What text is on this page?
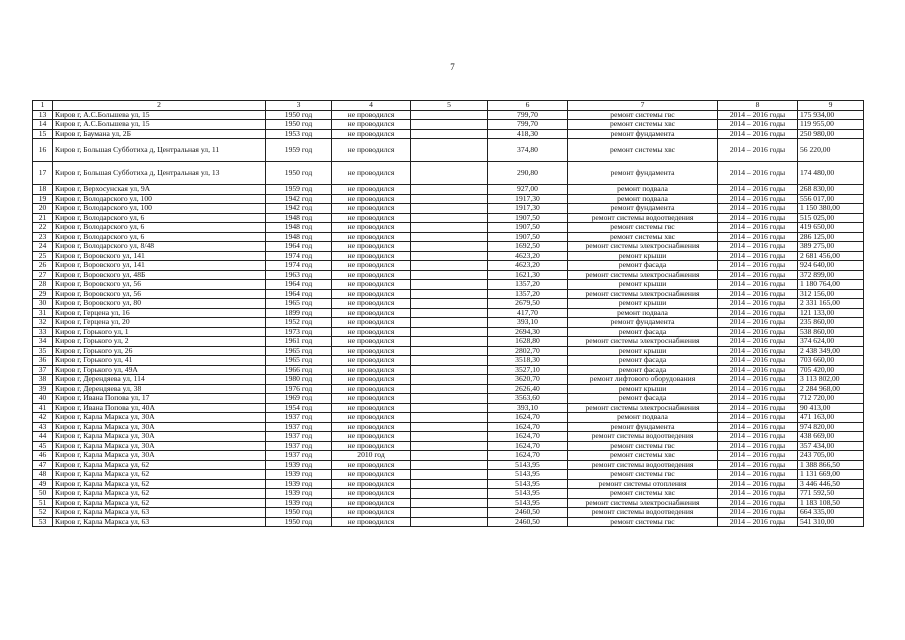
7
1	2	3	4	5	6	7	8	9
13	Киров г, А.С.Большева ул, 15	1950 год	не проводился		799,70	ремонт системы гвс	2014 – 2016 годы	175 934,00
14	Киров г, А.С.Большева ул, 15	1950 год	не проводился		799,70	ремонт системы хвс	2014 – 2016 годы	119 955,00
15	Киров г, Баумана ул, 2Б	1953 год	не проводился		418,30	ремонт фундамента	2014 – 2016 годы	250 980,00
16	Киров г, Большая Субботиха д, Центральная ул, 11	1959 год	не проводился		374,80	ремонт системы хвс	2014 – 2016 годы	56 220,00
17	Киров г, Большая Субботиха д, Центральная ул, 13	1950 год	не проводился		290,80	ремонт фундамента	2014 – 2016 годы	174 480,00
18	Киров г, Верхосунская ул, 9А	1959 год	не проводился		927,00	ремонт подвала	2014 – 2016 годы	268 830,00
19	Киров г, Володарского ул, 100	1942 год	не проводился		1917,30	ремонт подвала	2014 – 2016 годы	556 017,00
20	Киров г, Володарского ул, 100	1942 год	не проводился		1917,30	ремонт фундамента	2014 – 2016 годы	1 150 380,00
21	Киров г, Володарского ул, 6	1948 год	не проводился		1907,50	ремонт системы водоотведения	2014 – 2016 годы	515 025,00
22	Киров г, Володарского ул, 6	1948 год	не проводился		1907,50	ремонт системы гвс	2014 – 2016 годы	419 650,00
23	Киров г, Володарского ул, 6	1948 год	не проводился		1907,50	ремонт системы хвс	2014 – 2016 годы	286 125,00
24	Киров г, Володарского ул, 8/48	1964 год	не проводился		1692,50	ремонт системы электроснабжения	2014 – 2016 годы	389 275,00
25	Киров г, Воровского ул, 141	1974 год	не проводился		4623,20	ремонт крыши	2014 – 2016 годы	2 681 456,00
26	Киров г, Воровского ул, 141	1974 год	не проводился		4623,20	ремонт фасада	2014 – 2016 годы	924 640,00
27	Киров г, Воровского ул, 48Б	1963 год	не проводился		1621,30	ремонт системы электроснабжения	2014 – 2016 годы	372 899,00
28	Киров г, Воровского ул, 56	1964 год	не проводился		1357,20	ремонт крыши	2014 – 2016 годы	1 180 764,00
29	Киров г, Воровского ул, 56	1964 год	не проводился		1357,20	ремонт системы электроснабжения	2014 – 2016 годы	312 156,00
30	Киров г, Воровского ул, 80	1965 год	не проводился		2679,50	ремонт крыши	2014 – 2016 годы	2 331 165,00
31	Киров г, Герцена ул, 16	1899 год	не проводился		417,70	ремонт подвала	2014 – 2016 годы	121 133,00
32	Киров г, Герцена ул, 20	1952 год	не проводился		393,10	ремонт фундамента	2014 – 2016 годы	235 860,00
33	Киров г, Горького ул, 1	1973 год	не проводился		2694,30	ремонт фасада	2014 – 2016 годы	538 860,00
34	Киров г, Горького ул, 2	1961 год	не проводился		1628,80	ремонт системы электроснабжения	2014 – 2016 годы	374 624,00
35	Киров г, Горького ул, 26	1965 год	не проводился		2802,70	ремонт крыши	2014 – 2016 годы	2 438 349,00
36	Киров г, Горького ул, 41	1965 год	не проводился		3518,30	ремонт фасада	2014 – 2016 годы	703 660,00
37	Киров г, Горького ул, 49А	1966 год	не проводился		3527,10	ремонт фасада	2014 – 2016 годы	705 420,00
38	Киров г, Дерендяева ул, 114	1980 год	не проводился		3620,70	ремонт лифтового оборудования	2014 – 2016 годы	3 113 802,00
39	Киров г, Дерендяева ул, 38	1976 год	не проводился		2626,40	ремонт крыши	2014 – 2016 годы	2 284 968,00
40	Киров г, Ивана Попова ул, 17	1969 год	не проводился		3563,60	ремонт фасада	2014 – 2016 годы	712 720,00
41	Киров г, Ивана Попова ул, 40А	1954 год	не проводился		393,10	ремонт системы электроснабжения	2014 – 2016 годы	90 413,00
42	Киров г, Карла Маркса ул, 30А	1937 год	не проводился		1624,70	ремонт подвала	2014 – 2016 годы	471 163,00
43	Киров г, Карла Маркса ул, 30А	1937 год	не проводился		1624,70	ремонт фундамента	2014 – 2016 годы	974 820,00
44	Киров г, Карла Маркса ул, 30А	1937 год	не проводился		1624,70	ремонт системы водоотведения	2014 – 2016 годы	438 669,00
45	Киров г, Карла Маркса ул, 30А	1937 год	не проводился		1624,70	ремонт системы гвс	2014 – 2016 годы	357 434,00
46	Киров г, Карла Маркса ул, 30А	1937 год	2010 год		1624,70	ремонт системы хвс	2014 – 2016 годы	243 705,00
47	Киров г, Карла Маркса ул, 62	1939 год	не проводился		5143,95	ремонт системы водоотведения	2014 – 2016 годы	1 388 866,50
48	Киров г, Карла Маркса ул, 62	1939 год	не проводился		5143,95	ремонт системы гвс	2014 – 2016 годы	1 131 669,00
49	Киров г, Карла Маркса ул, 62	1939 год	не проводился		5143,95	ремонт системы отопления	2014 – 2016 годы	3 446 446,50
50	Киров г, Карла Маркса ул, 62	1939 год	не проводился		5143,95	ремонт системы хвс	2014 – 2016 годы	771 592,50
51	Киров г, Карла Маркса ул, 62	1939 год	не проводился		5143,95	ремонт системы электроснабжения	2014 – 2016 годы	1 183 108,50
52	Киров г, Карла Маркса ул, 63	1950 год	не проводился		2460,50	ремонт системы водоотведения	2014 – 2016 годы	664 335,00
53	Киров г, Карла Маркса ул, 63	1950 год	не проводился		2460,50	ремонт системы гвс	2014 – 2016 годы	541 310,00
